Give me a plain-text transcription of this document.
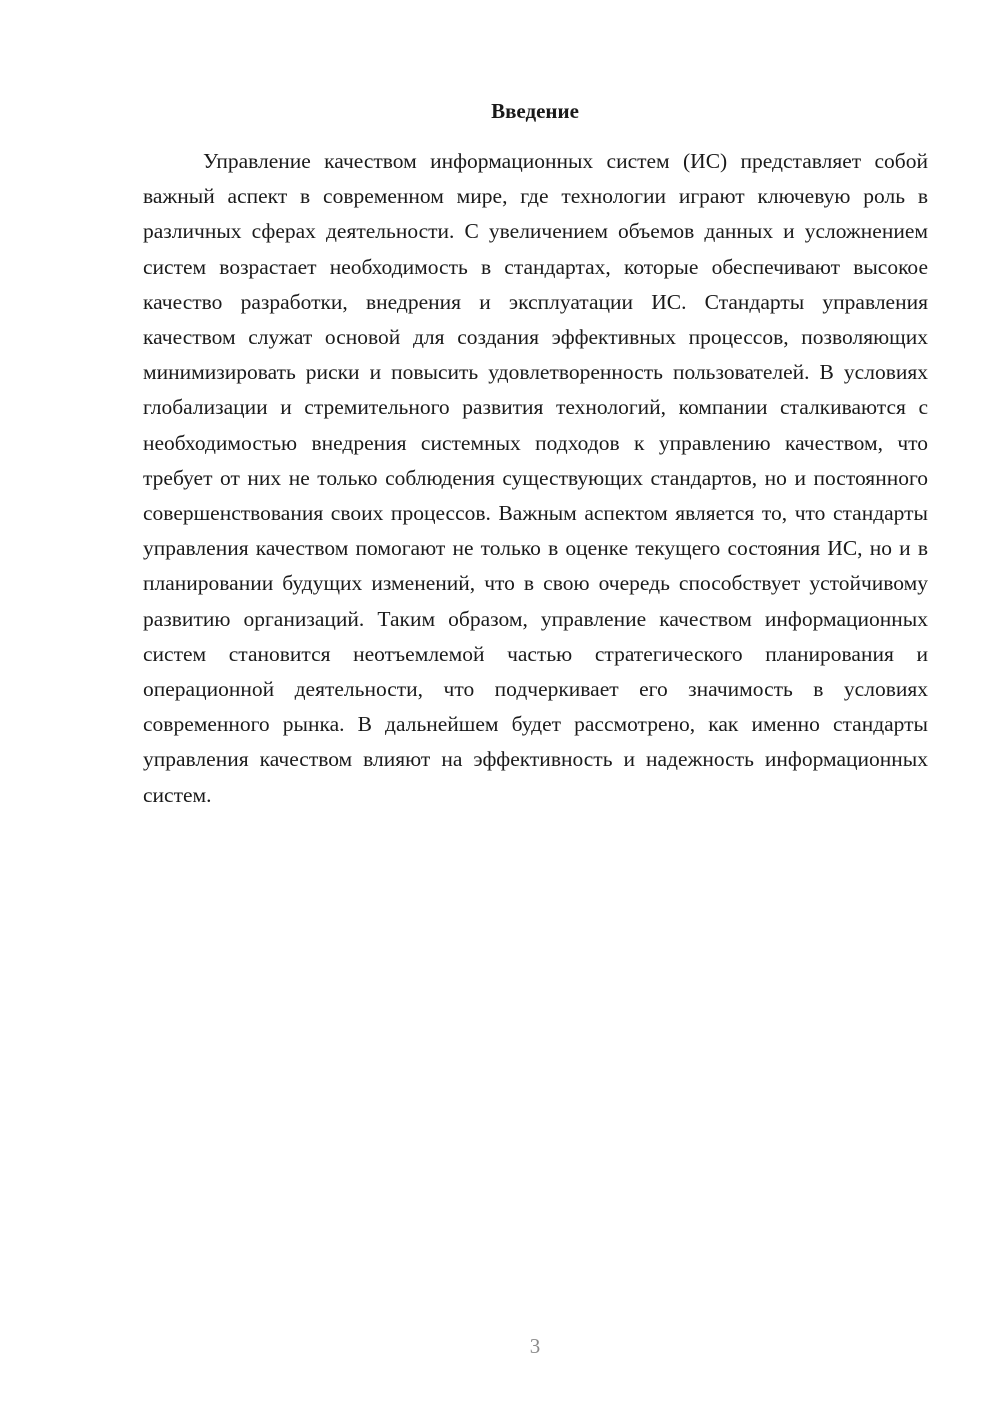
Введение

Управление качеством информационных систем (ИС) представляет собой важный аспект в современном мире, где технологии играют ключевую роль в различных сферах деятельности. С увеличением объемов данных и усложнением систем возрастает необходимость в стандартах, которые обеспечивают высокое качество разработки, внедрения и эксплуатации ИС. Стандарты управления качеством служат основой для создания эффективных процессов, позволяющих минимизировать риски и повысить удовлетворенность пользователей. В условиях глобализации и стремительного развития технологий, компании сталкиваются с необходимостью внедрения системных подходов к управлению качеством, что требует от них не только соблюдения существующих стандартов, но и постоянного совершенствования своих процессов. Важным аспектом является то, что стандарты управления качеством помогают не только в оценке текущего состояния ИС, но и в планировании будущих изменений, что в свою очередь способствует устойчивому развитию организаций. Таким образом, управление качеством информационных систем становится неотъемлемой частью стратегического планирования и операционной деятельности, что подчеркивает его значимость в условиях современного рынка. В дальнейшем будет рассмотрено, как именно стандарты управления качеством влияют на эффективность и надежность информационных систем.

3
